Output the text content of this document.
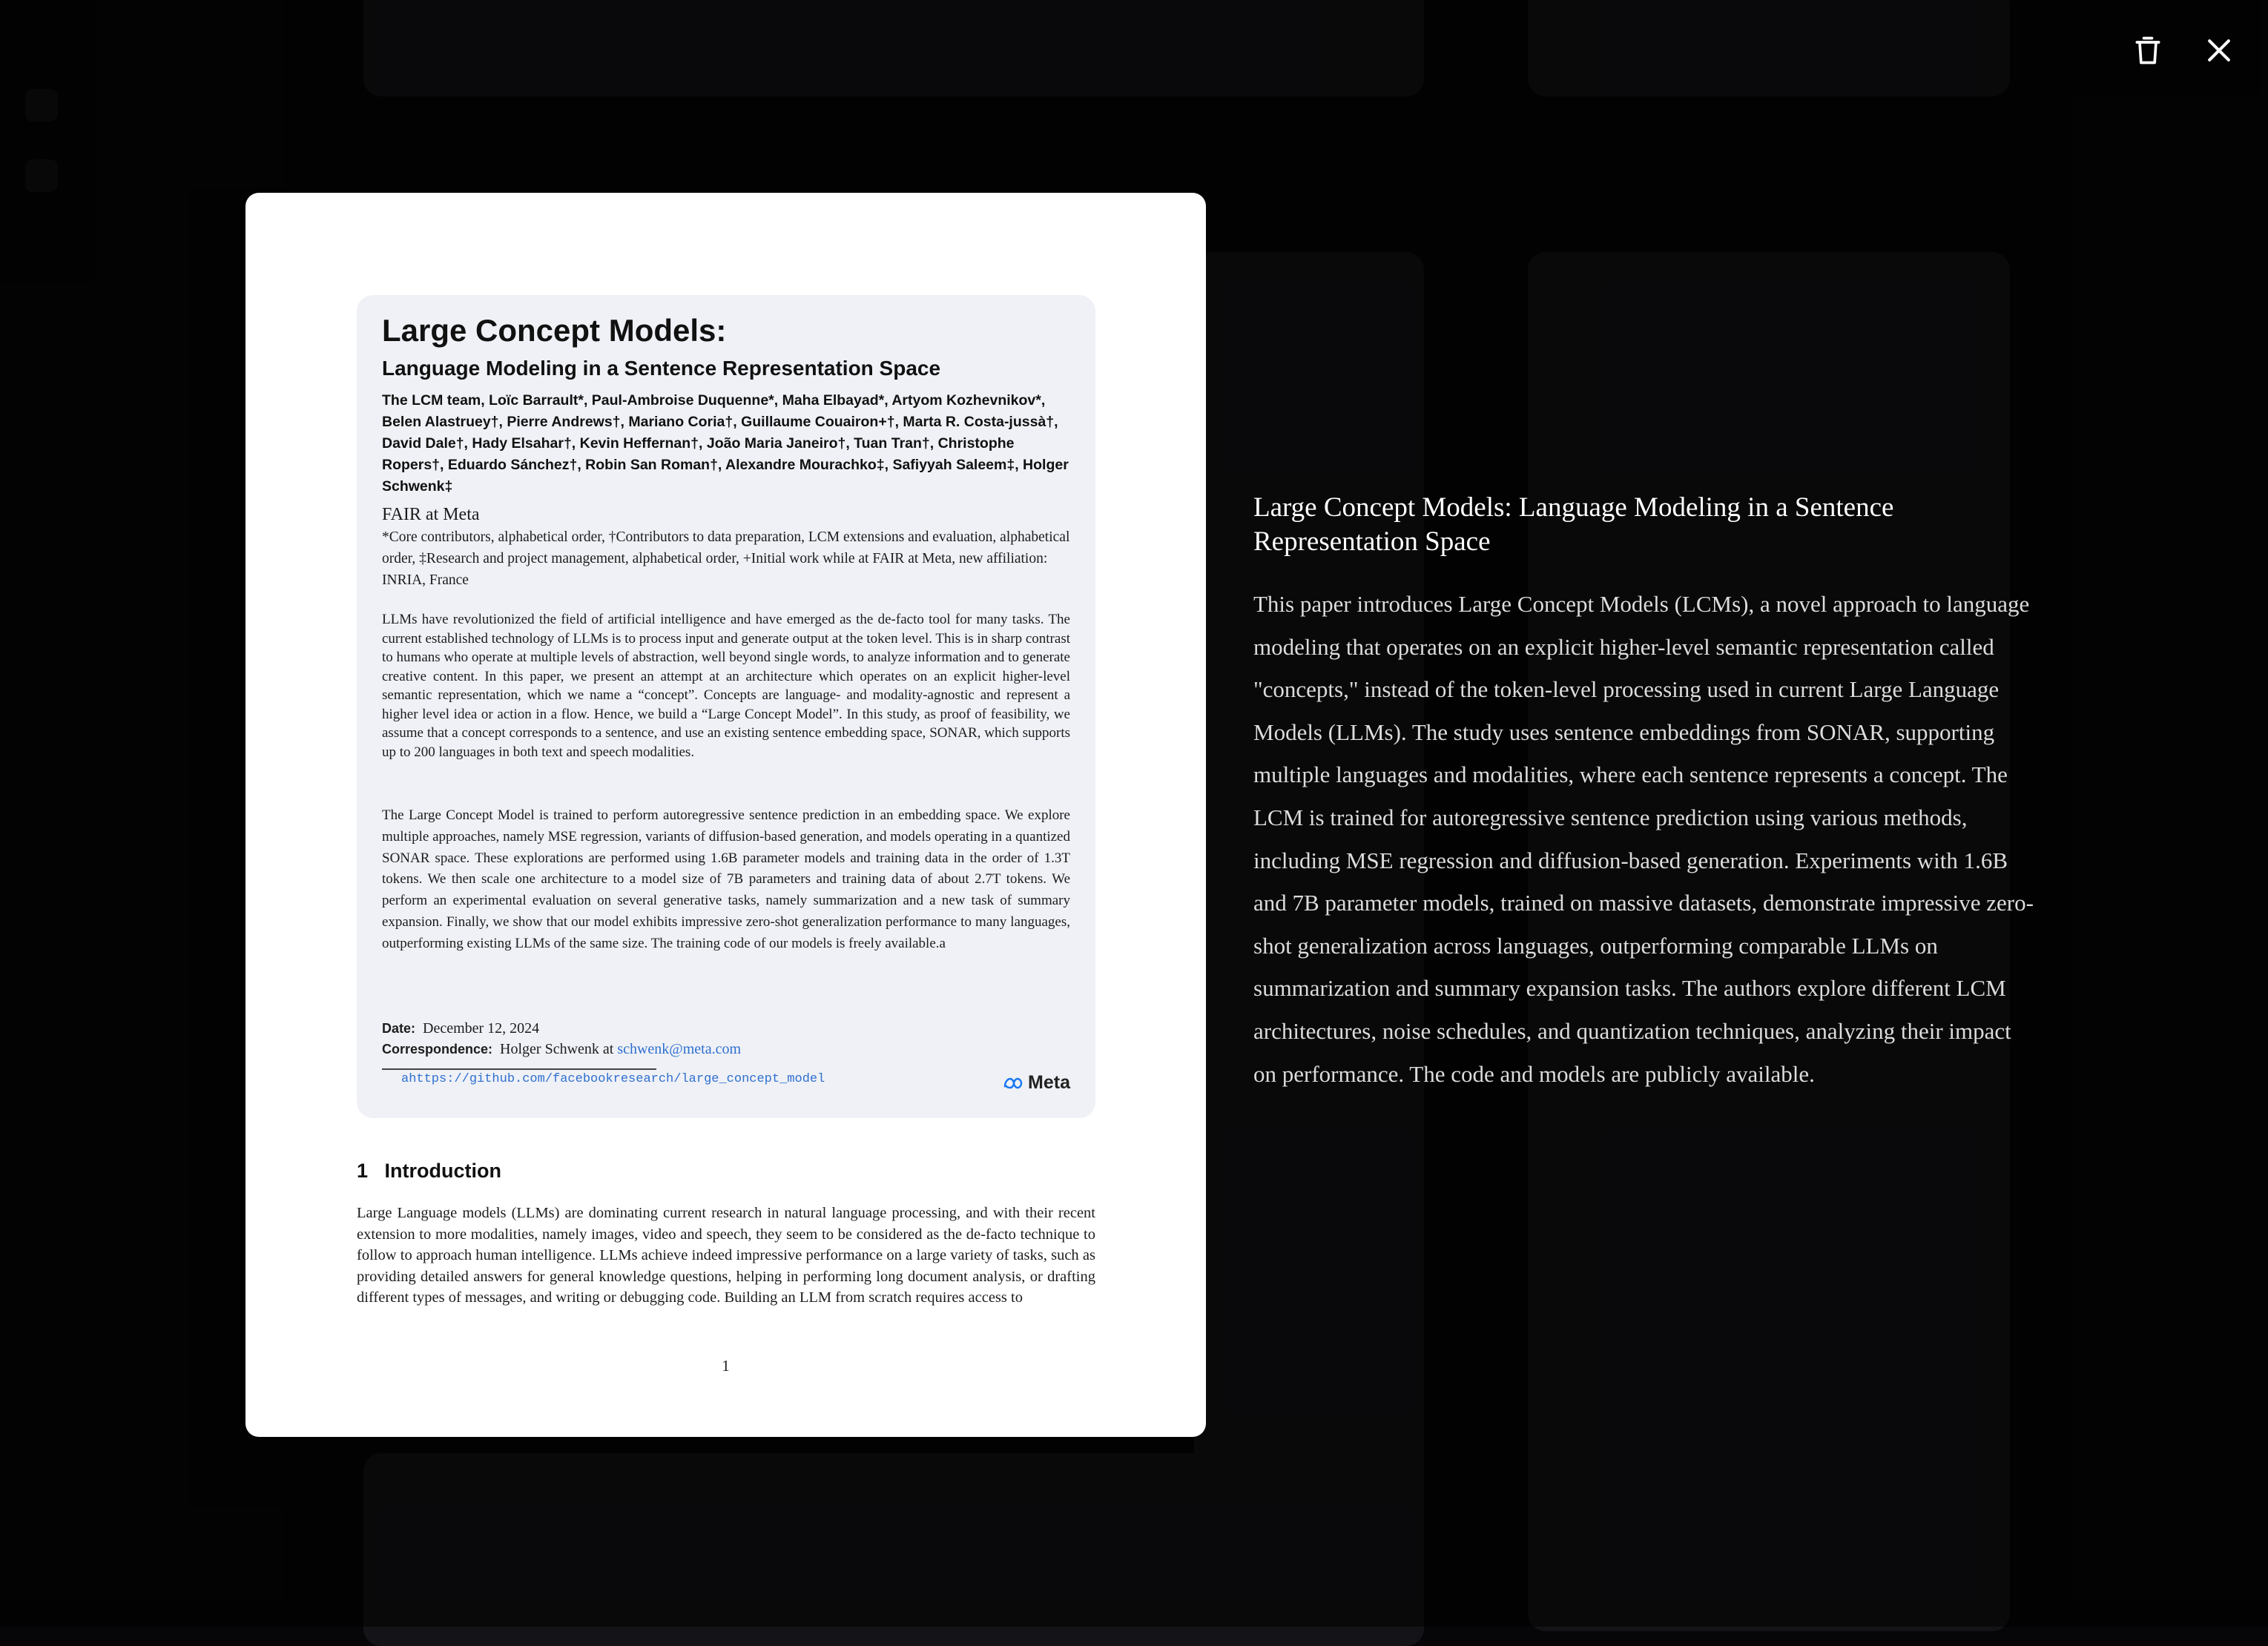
Large Concept Models:
Language Modeling in a Sentence Representation Space
The LCM team, Loïc Barrault*, Paul-Ambroise Duquenne*, Maha Elbayad*, Artyom Kozhevnikov*, Belen Alastruey†, Pierre Andrews†, Mariano Coria†, Guillaume Couairon+†, Marta R. Costa-jussà†, David Dale†, Hady Elsahar†, Kevin Heffernan†, João Maria Janeiro†, Tuan Tran†, Christophe Ropers†, Eduardo Sánchez†, Robin San Roman†, Alexandre Mourachko‡, Safiyyah Saleem‡, Holger Schwenk‡
FAIR at Meta
*Core contributors, alphabetical order, †Contributors to data preparation, LCM extensions and evaluation, alphabetical order, ‡Research and project management, alphabetical order, +Initial work while at FAIR at Meta, new affiliation: INRIA, France
LLMs have revolutionized the field of artificial intelligence and have emerged as the de-facto tool for many tasks. The current established technology of LLMs is to process input and generate output at the token level. This is in sharp contrast to humans who operate at multiple levels of abstraction, well beyond single words, to analyze information and to generate creative content. In this paper, we present an attempt at an architecture which operates on an explicit higher-level semantic representation, which we name a “concept”. Concepts are language- and modality-agnostic and represent a higher level idea or action in a flow. Hence, we build a “Large Concept Model”. In this study, as proof of feasibility, we assume that a concept corresponds to a sentence, and use an existing sentence embedding space, SONAR, which supports up to 200 languages in both text and speech modalities.
The Large Concept Model is trained to perform autoregressive sentence prediction in an embedding space. We explore multiple approaches, namely MSE regression, variants of diffusion-based generation, and models operating in a quantized SONAR space. These explorations are performed using 1.6B parameter models and training data in the order of 1.3T tokens. We then scale one architecture to a model size of 7B parameters and training data of about 2.7T tokens. We perform an experimental evaluation on several generative tasks, namely summarization and a new task of summary expansion. Finally, we show that our model exhibits impressive zero-shot generalization performance to many languages, outperforming existing LLMs of the same size. The training code of our models is freely available.a
Date: December 12, 2024
Correspondence: Holger Schwenk at schwenk@meta.com
ahttps://github.com/facebookresearch/large_concept_model	Meta
1   Introduction
Large Language models (LLMs) are dominating current research in natural language processing, and with their recent extension to more modalities, namely images, video and speech, they seem to be considered as the de-facto technique to follow to approach human intelligence. LLMs achieve indeed impressive performance on a large variety of tasks, such as providing detailed answers for general knowledge questions, helping in performing long document analysis, or drafting different types of messages, and writing or debugging code. Building an LLM from scratch requires access to
1
Large Concept Models: Language Modeling in a Sentence Representation Space
This paper introduces Large Concept Models (LCMs), a novel approach to language modeling that operates on an explicit higher-level semantic representation called "concepts," instead of the token-level processing used in current Large Language Models (LLMs). The study uses sentence embeddings from SONAR, supporting multiple languages and modalities, where each sentence represents a concept. The LCM is trained for autoregressive sentence prediction using various methods, including MSE regression and diffusion-based generation. Experiments with 1.6B and 7B parameter models, trained on massive datasets, demonstrate impressive zero-shot generalization across languages, outperforming comparable LLMs on summarization and summary expansion tasks. The authors explore different LCM architectures, noise schedules, and quantization techniques, analyzing their impact on performance. The code and models are publicly available.
